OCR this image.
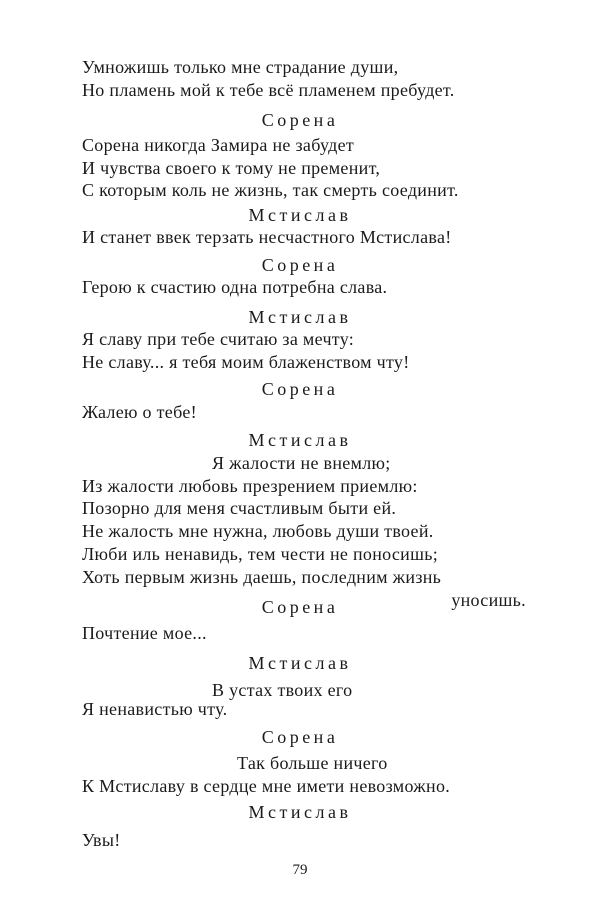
Умножишь только мне страдание души,
Но пламень мой к тебе всё пламенем пребудет.
Сорена
Сорена никогда Замира не забудет
И чувства своего к тому не пременит,
С которым коль не жизнь, так смерть соединит.
Мстислав
И станет ввек терзать несчастного Мстислава!
Сорена
Герою к счастию одна потребна слава.
Мстислав
Я славу при тебе считаю за мечту:
Не славу... я тебя моим блаженством чту!
Сорена
Жалею о тебе!
Мстислав
Я жалости не внемлю;
Из жалости любовь презрением приемлю:
Позорно для меня счастливым быти ей.
Не жалость мне нужна, любовь души твоей.
Люби иль ненавидь, тем чести не поносишь;
Хоть первым жизнь даешь, последним жизнь
уносишь.
Сорена
Почтение мое...
Мстислав
В устах твоих его
Я ненавистью чту.
Сорена
Так больше ничего
К Мстиславу в сердце мне имети невозможно.
Мстислав
Увы!
79
